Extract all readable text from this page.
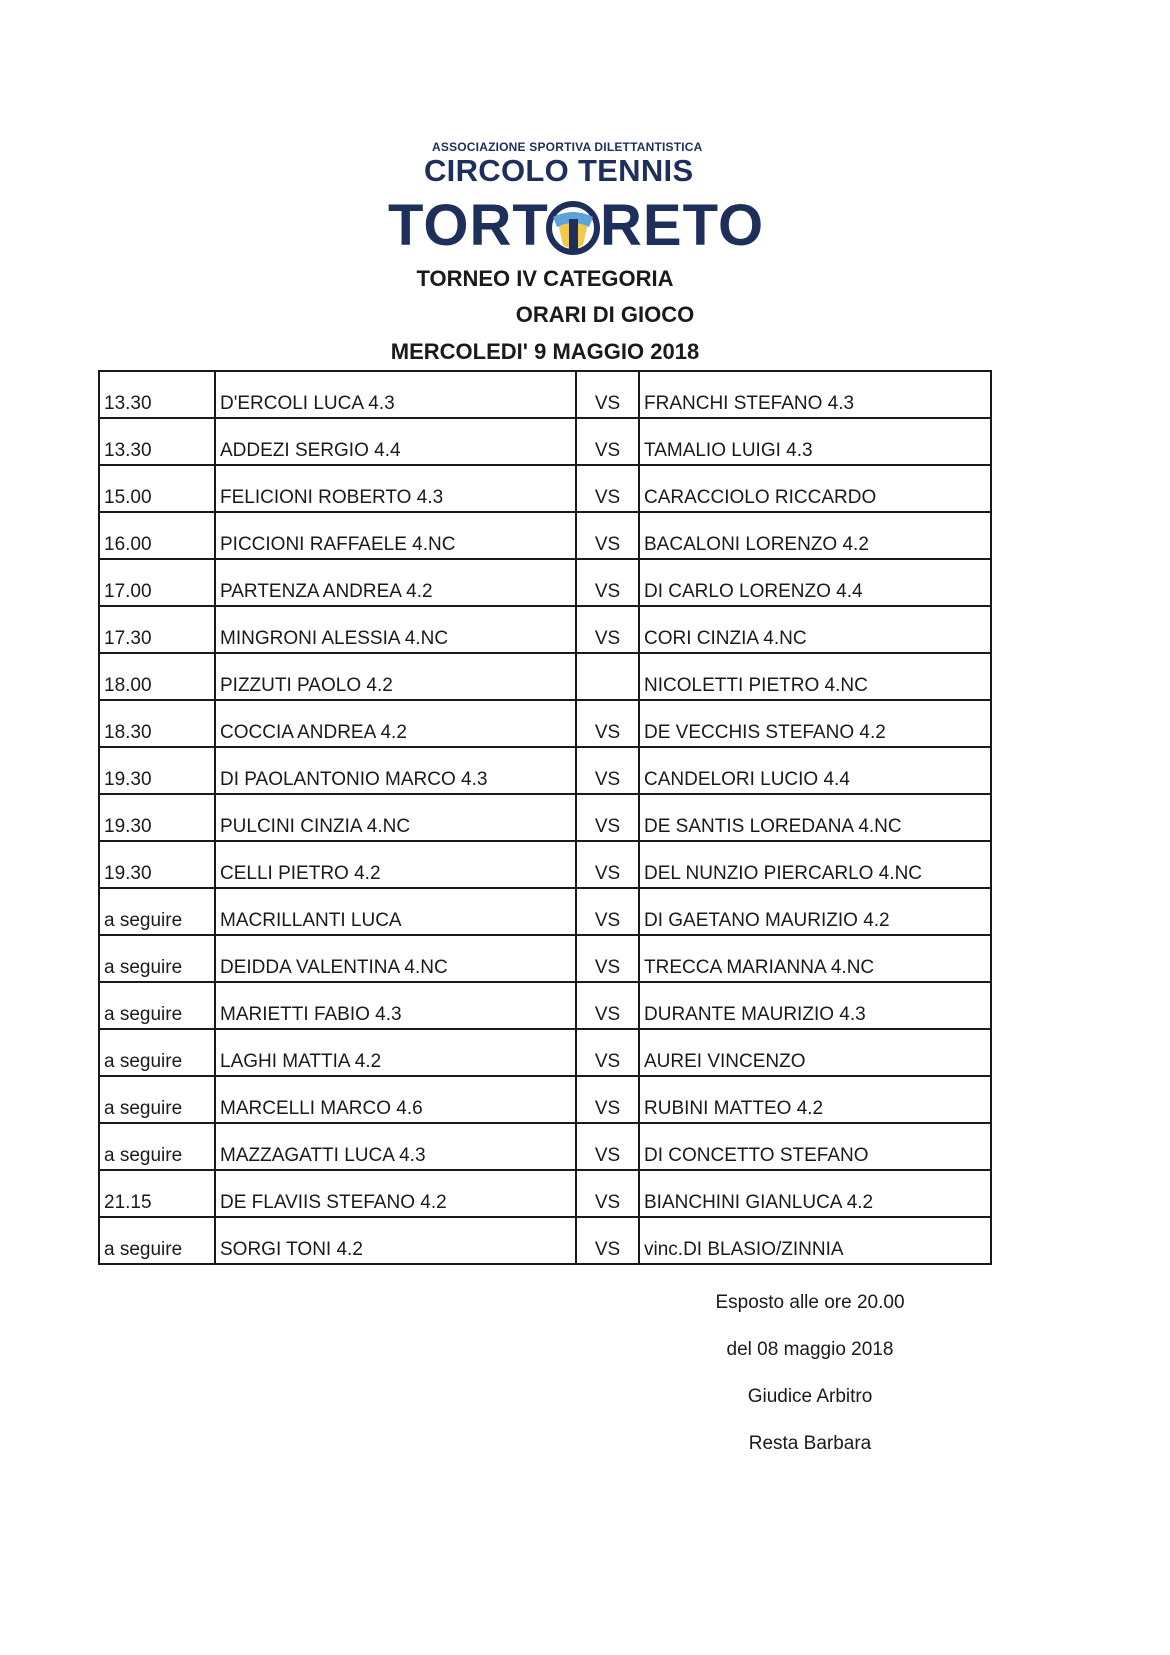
ASSOCIAZIONE SPORTIVA DILETTANTISTICA
CIRCOLO TENNIS
TORT RETO
TORNEO IV CATEGORIA
ORARI DI GIOCO
MERCOLEDI' 9 MAGGIO 2018
13.30	D'ERCOLI LUCA 4.3	VS	FRANCHI STEFANO 4.3
13.30	ADDEZI SERGIO 4.4	VS	TAMALIO LUIGI 4.3
15.00	FELICIONI ROBERTO 4.3	VS	CARACCIOLO RICCARDO
16.00	PICCIONI RAFFAELE 4.NC	VS	BACALONI LORENZO 4.2
17.00	PARTENZA ANDREA 4.2	VS	DI CARLO LORENZO 4.4
17.30	MINGRONI ALESSIA 4.NC	VS	CORI CINZIA 4.NC
18.00	PIZZUTI PAOLO 4.2		NICOLETTI PIETRO 4.NC
18.30	COCCIA ANDREA 4.2	VS	DE VECCHIS STEFANO 4.2
19.30	DI PAOLANTONIO MARCO 4.3	VS	CANDELORI LUCIO 4.4
19.30	PULCINI CINZIA 4.NC	VS	DE SANTIS LOREDANA 4.NC
19.30	CELLI PIETRO 4.2	VS	DEL NUNZIO PIERCARLO 4.NC
a seguire	MACRILLANTI LUCA	VS	DI GAETANO MAURIZIO 4.2
a seguire	DEIDDA VALENTINA 4.NC	VS	TRECCA MARIANNA 4.NC
a seguire	MARIETTI FABIO 4.3	VS	DURANTE MAURIZIO 4.3
a seguire	LAGHI MATTIA 4.2	VS	AUREI VINCENZO
a seguire	MARCELLI MARCO 4.6	VS	RUBINI MATTEO 4.2
a seguire	MAZZAGATTI LUCA 4.3	VS	DI CONCETTO STEFANO
21.15	DE FLAVIIS STEFANO 4.2	VS	BIANCHINI GIANLUCA 4.2
a seguire	SORGI TONI 4.2	VS	vinc.DI BLASIO/ZINNIA
Esposto alle ore 20.00
del 08 maggio 2018
Giudice Arbitro
Resta Barbara
